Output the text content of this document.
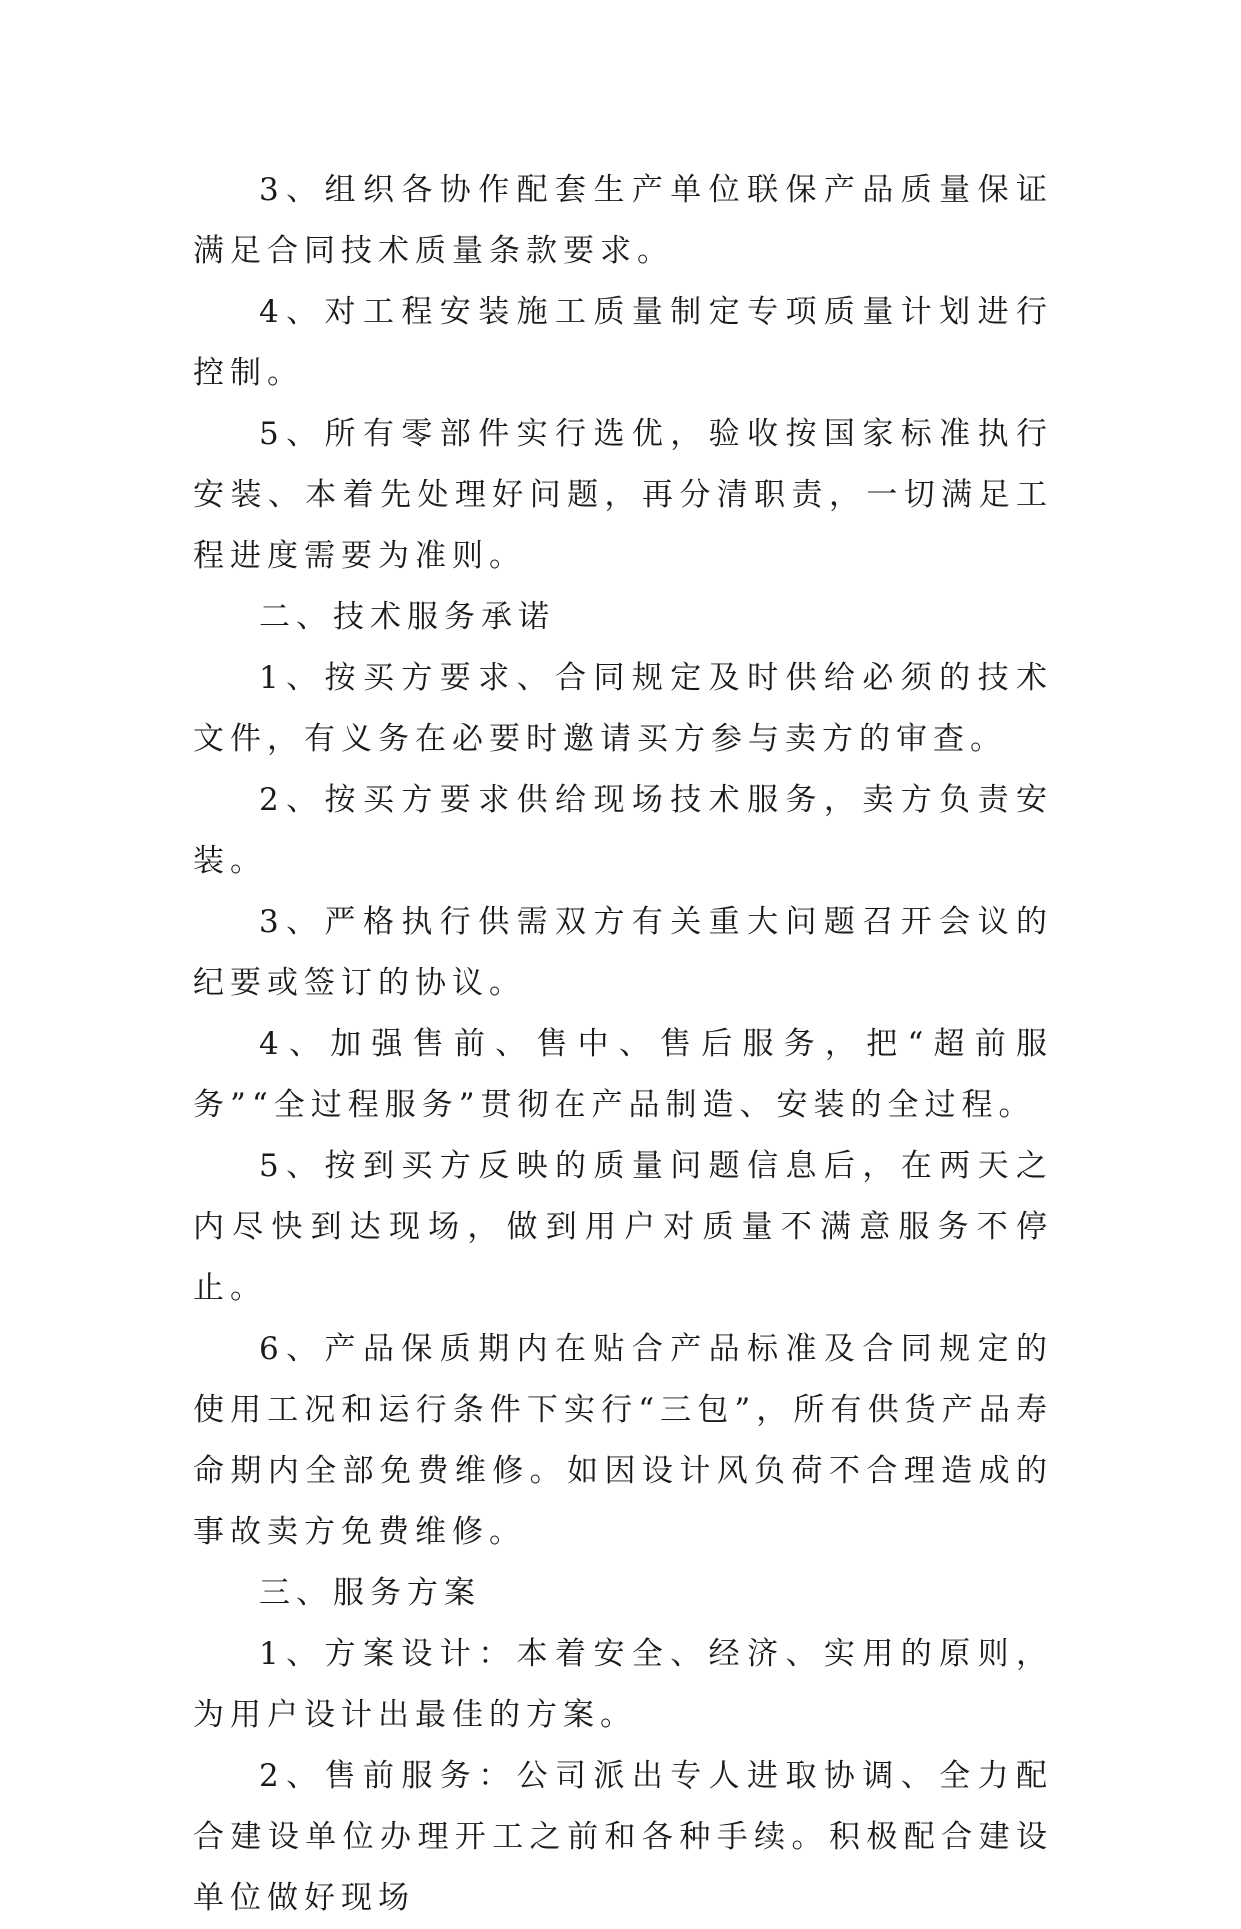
3、组织各协作配套生产单位联保产品质量保证满足合同技术质量条款要求。

4、对工程安装施工质量制定专项质量计划进行控制。

5、所有零部件实行选优，验收按国家标准执行安装、本着先处理好问题，再分清职责，一切满足工程进度需要为准则。

二、技术服务承诺

1、按买方要求、合同规定及时供给必须的技术文件，有义务在必要时邀请买方参与卖方的审查。

2、按买方要求供给现场技术服务，卖方负责安装。

3、严格执行供需双方有关重大问题召开会议的纪要或签订的协议。

4、加强售前、售中、售后服务，把“超前服务”“全过程服务”贯彻在产品制造、安装的全过程。

5、按到买方反映的质量问题信息后，在两天之内尽快到达现场，做到用户对质量不满意服务不停止。

6、产品保质期内在贴合产品标准及合同规定的使用工况和运行条件下实行“三包”，所有供货产品寿命期内全部免费维修。如因设计风负荷不合理造成的事故卖方免费维修。

三、服务方案

1、方案设计：本着安全、经济、实用的原则，为用户设计出最佳的方案。

2、售前服务：公司派出专人进取协调、全力配合建设单位办理开工之前和各种手续。积极配合建设单位做好现场
